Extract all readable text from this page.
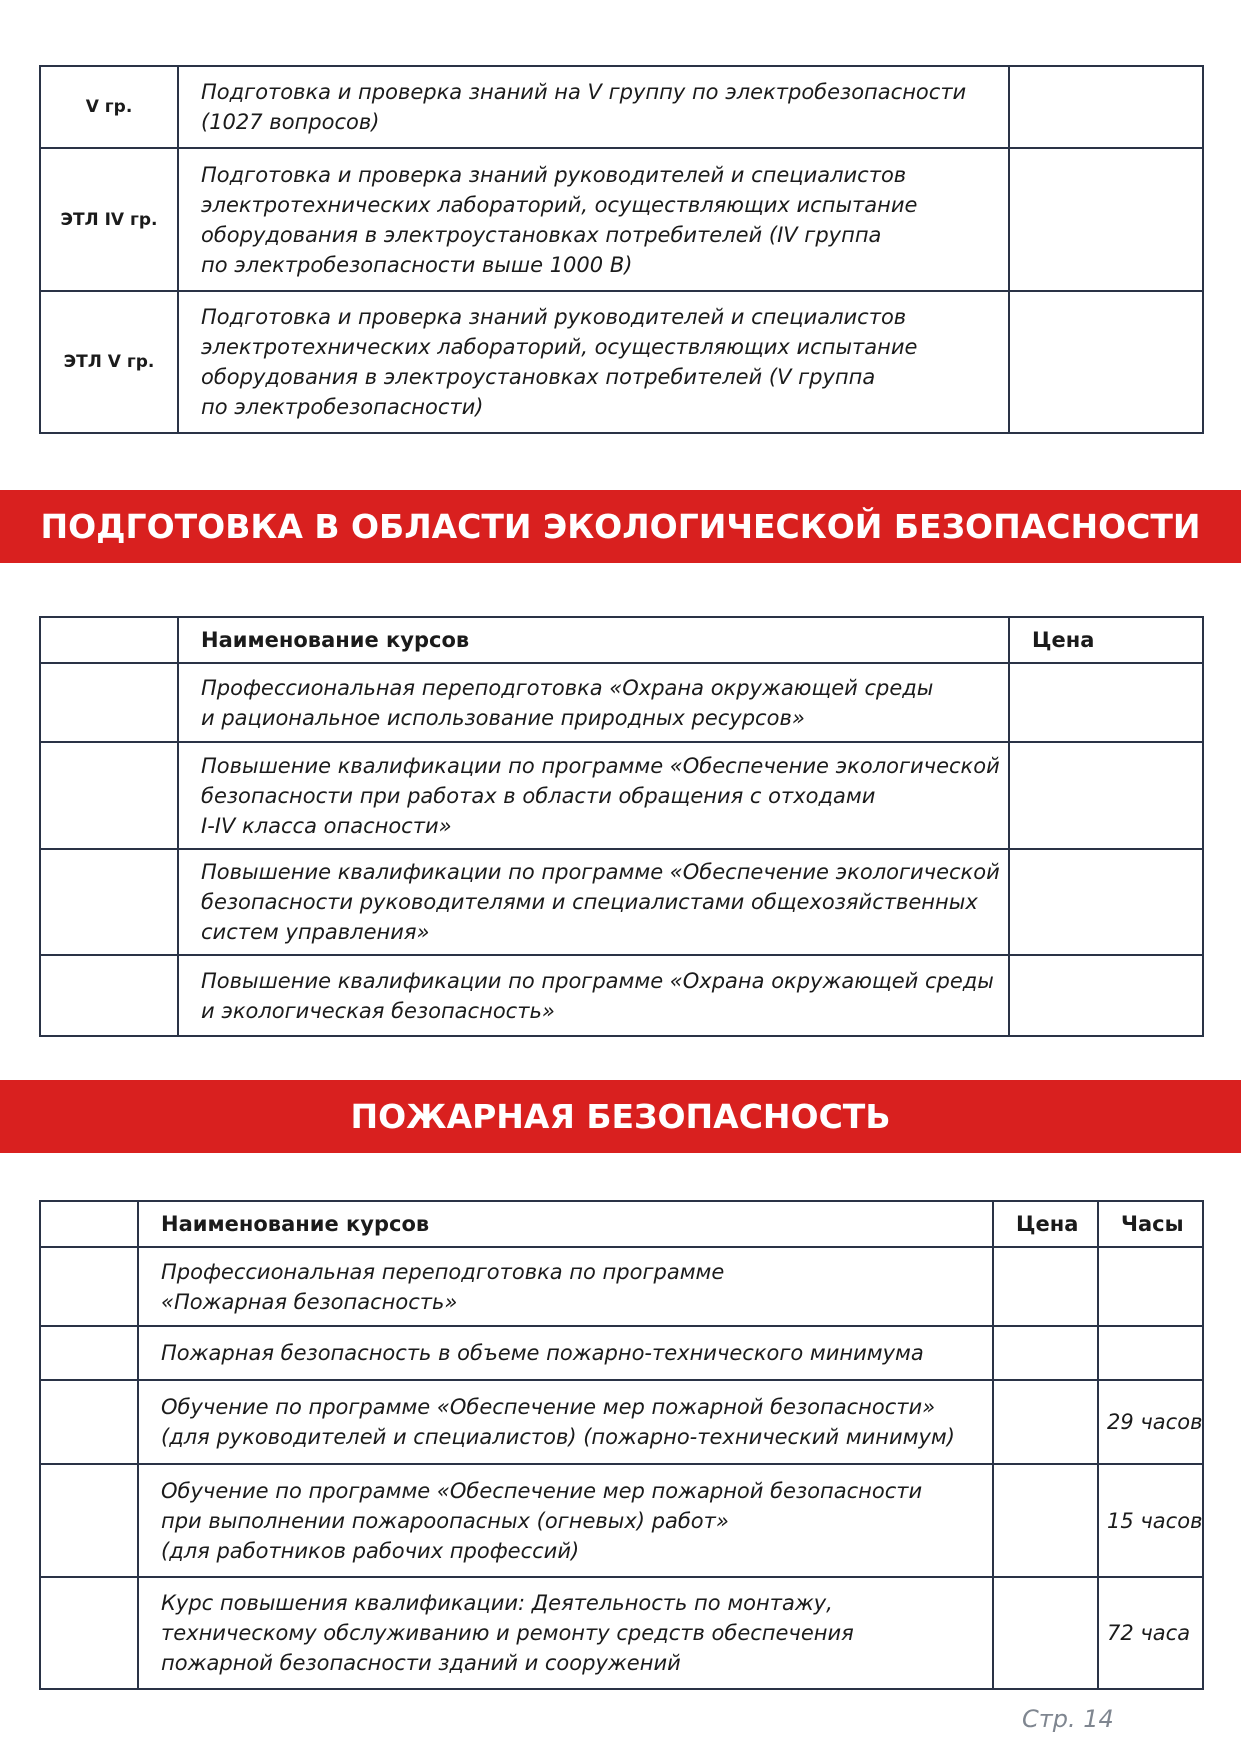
V гр.	Подготовка и проверка знаний на V группу по электробезопасности
(1027 вопросов)	
ЭТЛ IV гр.	Подготовка и проверка знаний руководителей и специалистов
электротехнических лабораторий, осуществляющих испытание
оборудования в электроустановках потребителей (IV группа
по электробезопасности выше 1000 В)	
ЭТЛ V гр.	Подготовка и проверка знаний руководителей и специалистов
электротехнических лабораторий, осуществляющих испытание
оборудования в электроустановках потребителей (V группа
по электробезопасности)	
ПОДГОТОВКА В ОБЛАСТИ ЭКОЛОГИЧЕСКОЙ БЕЗОПАСНОСТИ
	Наименование курсов	Цена
	Профессиональная переподготовка «Охрана окружающей среды
и рациональное использование природных ресурсов»	
	Повышение квалификации по программе «Обеспечение экологической
безопасности при работах в области обращения с отходами
I-IV класса опасности»	
	Повышение квалификации по программе «Обеспечение экологической
безопасности руководителями и специалистами общехозяйственных
систем управления»	
	Повышение квалификации по программе «Охрана окружающей среды
и экологическая безопасность»	
ПОЖАРНАЯ БЕЗОПАСНОСТЬ
	Наименование курсов	Цена	Часы
	Профессиональная переподготовка по программе
«Пожарная безопасность»		
	Пожарная безопасность в объеме пожарно-технического минимума		
	Обучение по программе «Обеспечение мер пожарной безопасности»
(для руководителей и специалистов) (пожарно-технический минимум)		29 часов
	Обучение по программе «Обеспечение мер пожарной безопасности
при выполнении пожароопасных (огневых) работ»
(для работников рабочих профессий)		15 часов
	Курс повышения квалификации: Деятельность по монтажу,
техническому обслуживанию и ремонту средств обеспечения
пожарной безопасности зданий и сооружений		72 часа
Стр. 14
